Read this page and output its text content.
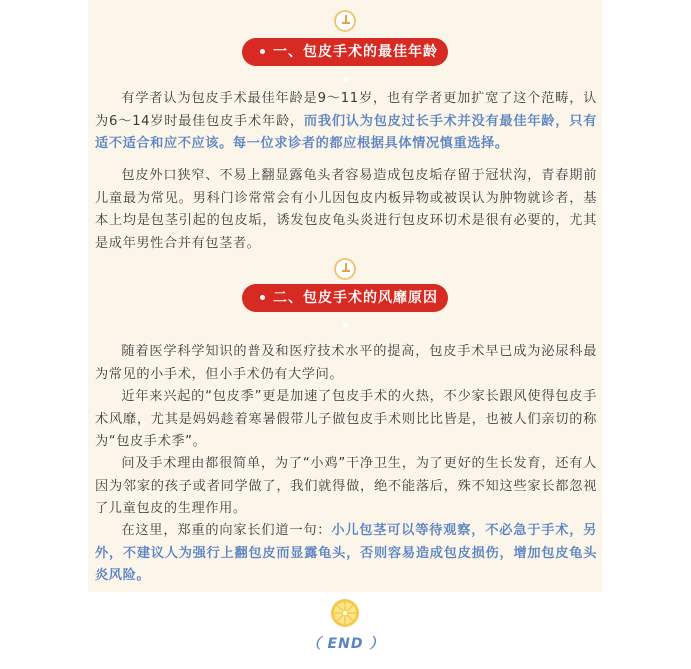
一、包皮手术的最佳年龄

有学者认为包皮手术最佳年龄是9～11岁，也有学者更加扩宽了这个范畴，认为6～14岁时最佳包皮手术年龄，而我们认为包皮过长手术并没有最佳年龄，只有适不适合和应不应该。每一位求诊者的都应根据具体情况慎重选择。

包皮外口狭窄、不易上翻显露龟头者容易造成包皮垢存留于冠状沟，青春期前儿童最为常见。男科门诊常常会有小儿因包皮内板异物或被误认为肿物就诊者，基本上均是包茎引起的包皮垢，诱发包皮龟头炎进行包皮环切术是很有必要的，尤其是成年男性合并有包茎者。

二、包皮手术的风靡原因

随着医学科学知识的普及和医疗技术水平的提高，包皮手术早已成为泌尿科最为常见的小手术，但小手术仍有大学问。

近年来兴起的“包皮季”更是加速了包皮手术的火热，不少家长跟风使得包皮手术风靡，尤其是妈妈趁着寒暑假带儿子做包皮手术则比比皆是，也被人们亲切的称为“包皮手术季”。

问及手术理由都很简单，为了“小鸡”干净卫生，为了更好的生长发育，还有人因为邻家的孩子或者同学做了，我们就得做，绝不能落后，殊不知这些家长都忽视了儿童包皮的生理作用。

在这里，郑重的向家长们道一句：小儿包茎可以等待观察，不必急于手术，另外，不建议人为强行上翻包皮而显露龟头，否则容易造成包皮损伤，增加包皮龟头炎风险。

（ END ）
